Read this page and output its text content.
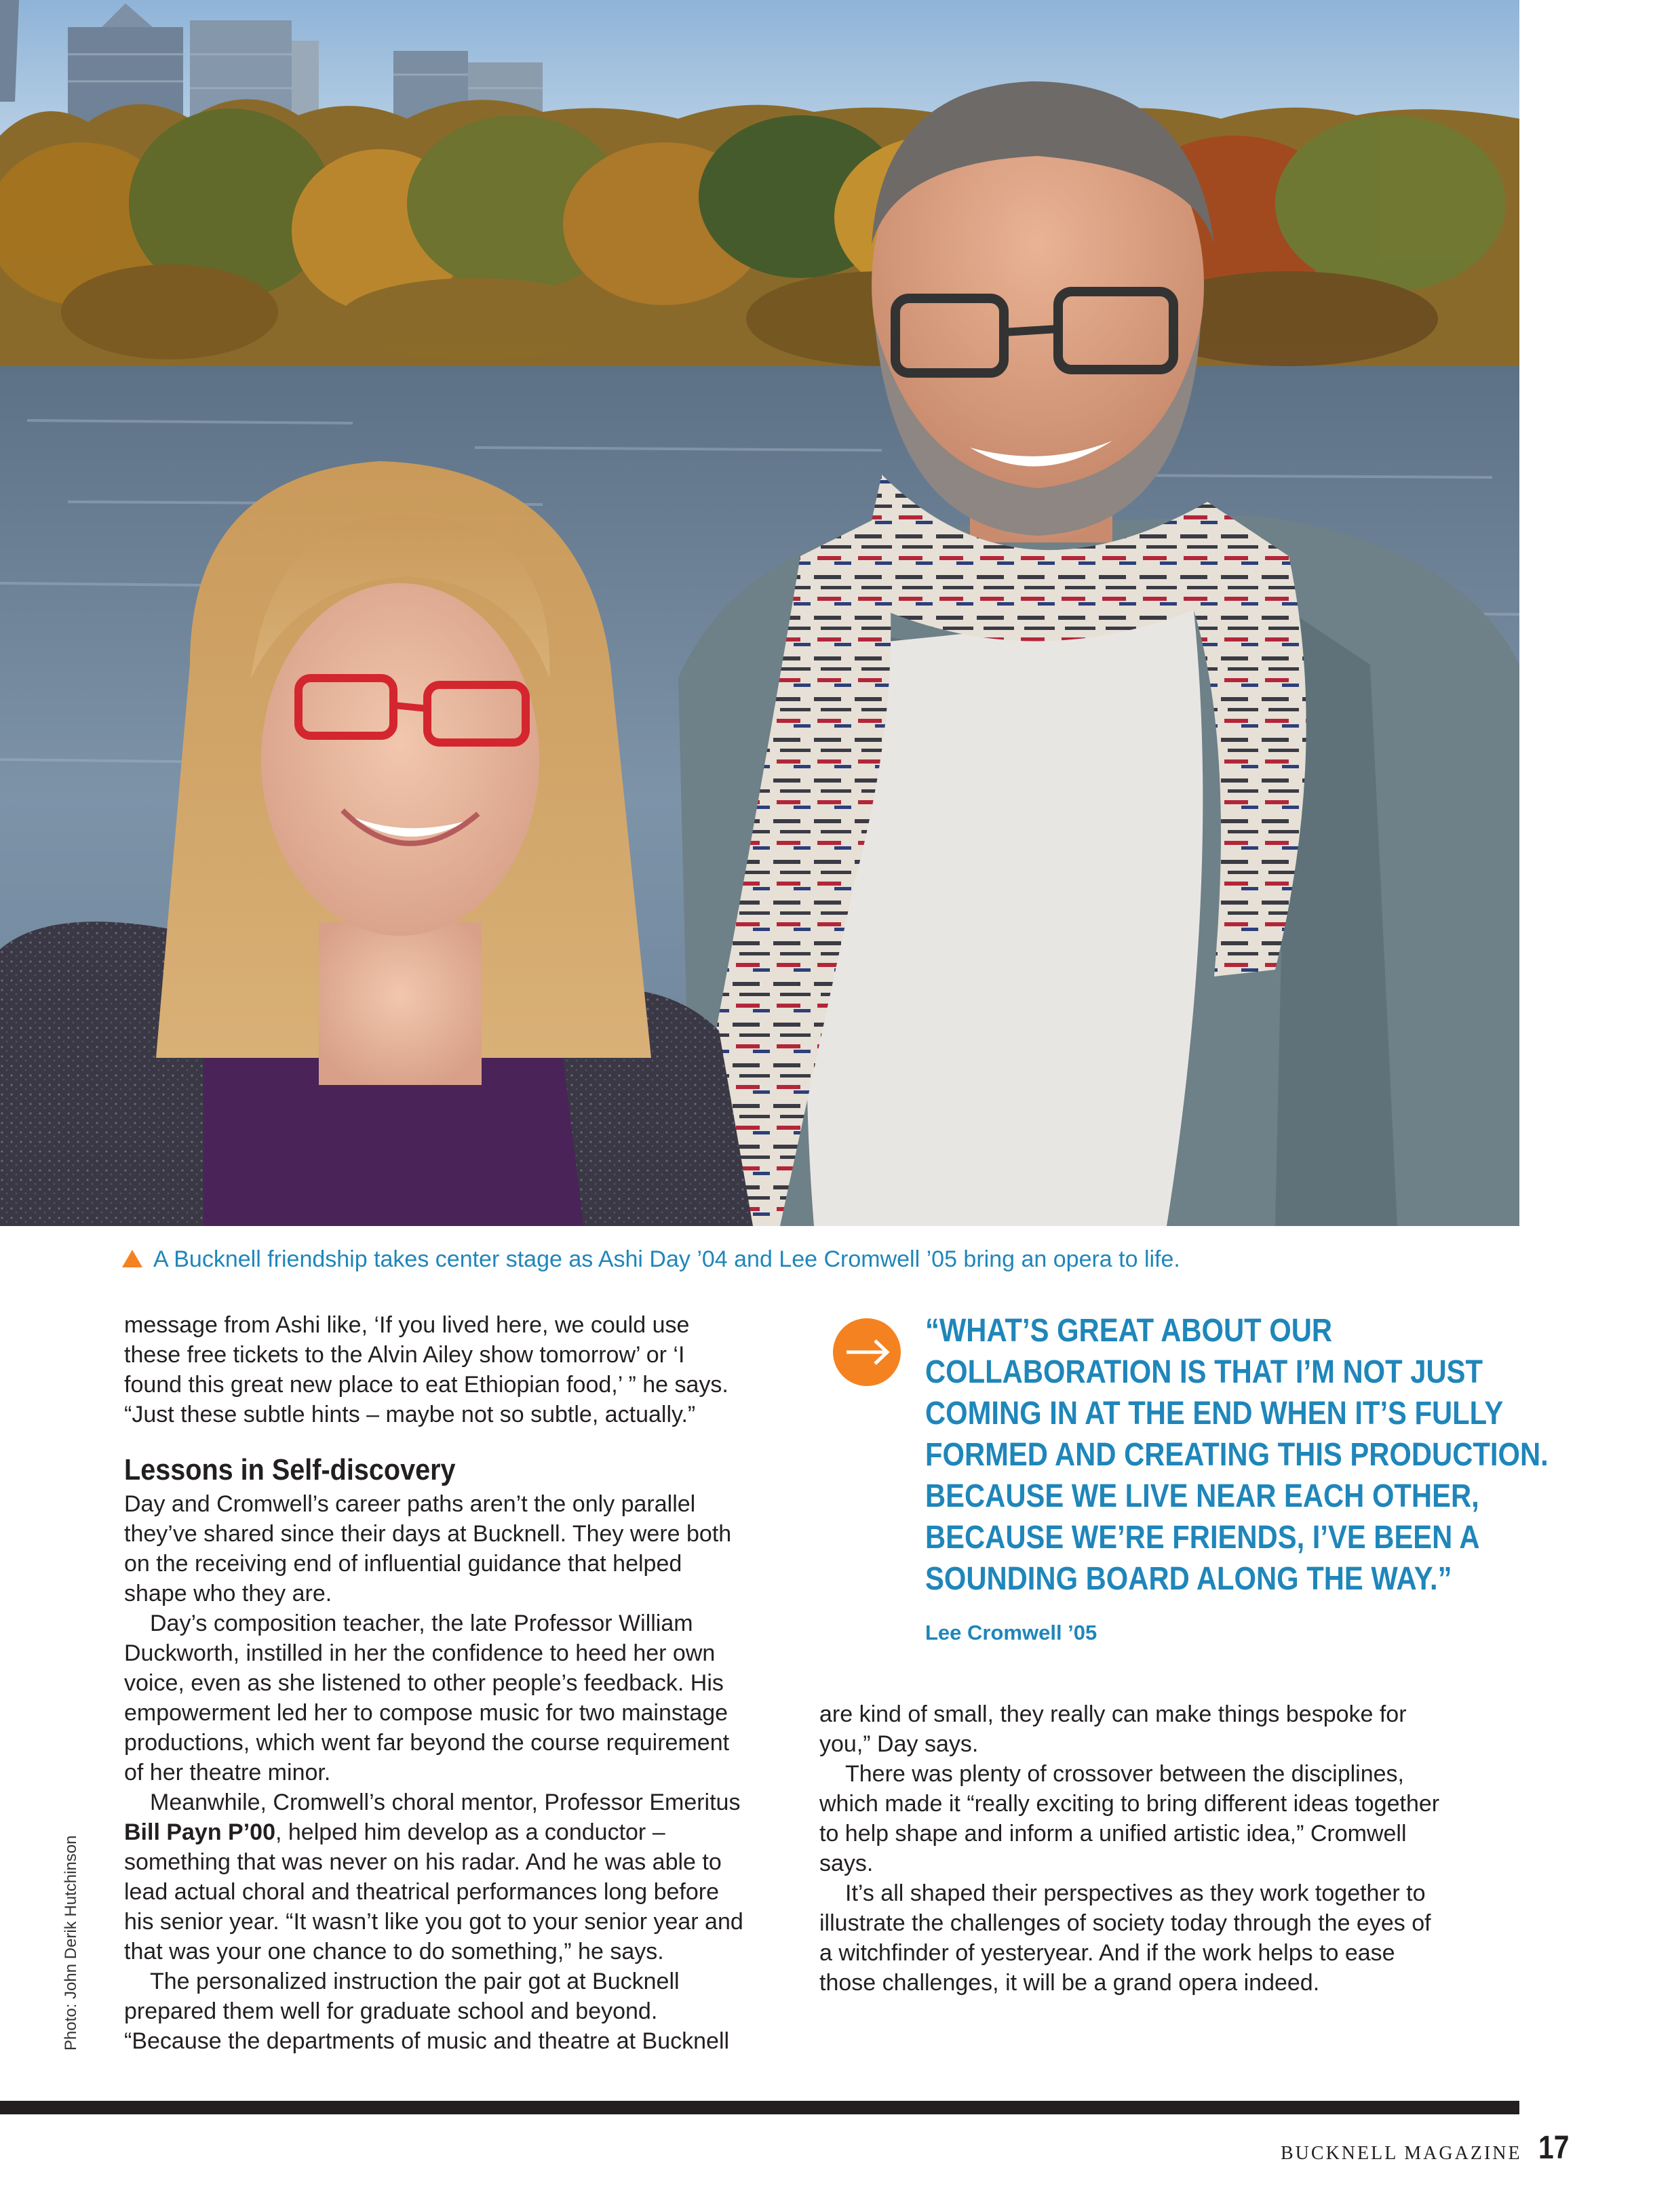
A Bucknell friendship takes center stage as Ashi Day ’04 and Lee Cromwell ’05 bring an opera to life.

message from Ashi like, ‘If you lived here, we could use these free tickets to the Alvin Ailey show tomorrow’ or ‘I found this great new place to eat Ethiopian food,’ ” he says. “Just these subtle hints – maybe not so subtle, actually.”

Lessons in Self-discovery

Day and Cromwell’s career paths aren’t the only parallel they’ve shared since their days at Bucknell. They were both on the receiving end of influential guidance that helped shape who they are.

Day’s composition teacher, the late Professor William Duckworth, instilled in her the confidence to heed her own voice, even as she listened to other people’s feedback. His empowerment led her to compose music for two mainstage productions, which went far beyond the course requirement of her theatre minor.

Meanwhile, Cromwell’s choral mentor, Professor Emeritus Bill Payn P’00, helped him develop as a conductor – something that was never on his radar. And he was able to lead actual choral and theatrical performances long before his senior year. “It wasn’t like you got to your senior year and that was your one chance to do something,” he says.

The personalized instruction the pair got at Bucknell prepared them well for graduate school and beyond. “Because the departments of music and theatre at Bucknell

“WHAT’S GREAT ABOUT OUR
COLLABORATION IS THAT I’M NOT JUST
COMING IN AT THE END WHEN IT’S FULLY
FORMED AND CREATING THIS PRODUCTION.
BECAUSE WE LIVE NEAR EACH OTHER,
BECAUSE WE’RE FRIENDS, I’VE BEEN A
SOUNDING BOARD ALONG THE WAY.”
Lee Cromwell ’05

are kind of small, they really can make things bespoke for you,” Day says.

There was plenty of crossover between the disciplines, which made it “really exciting to bring different ideas together to help shape and inform a unified artistic idea,” Cromwell says.

It’s all shaped their perspectives as they work together to illustrate the challenges of society today through the eyes of a witchfinder of yesteryear. And if the work helps to ease those challenges, it will be a grand opera indeed.

Photo: John Derik Hutchinson
BUCKNELL MAGAZINE 17
